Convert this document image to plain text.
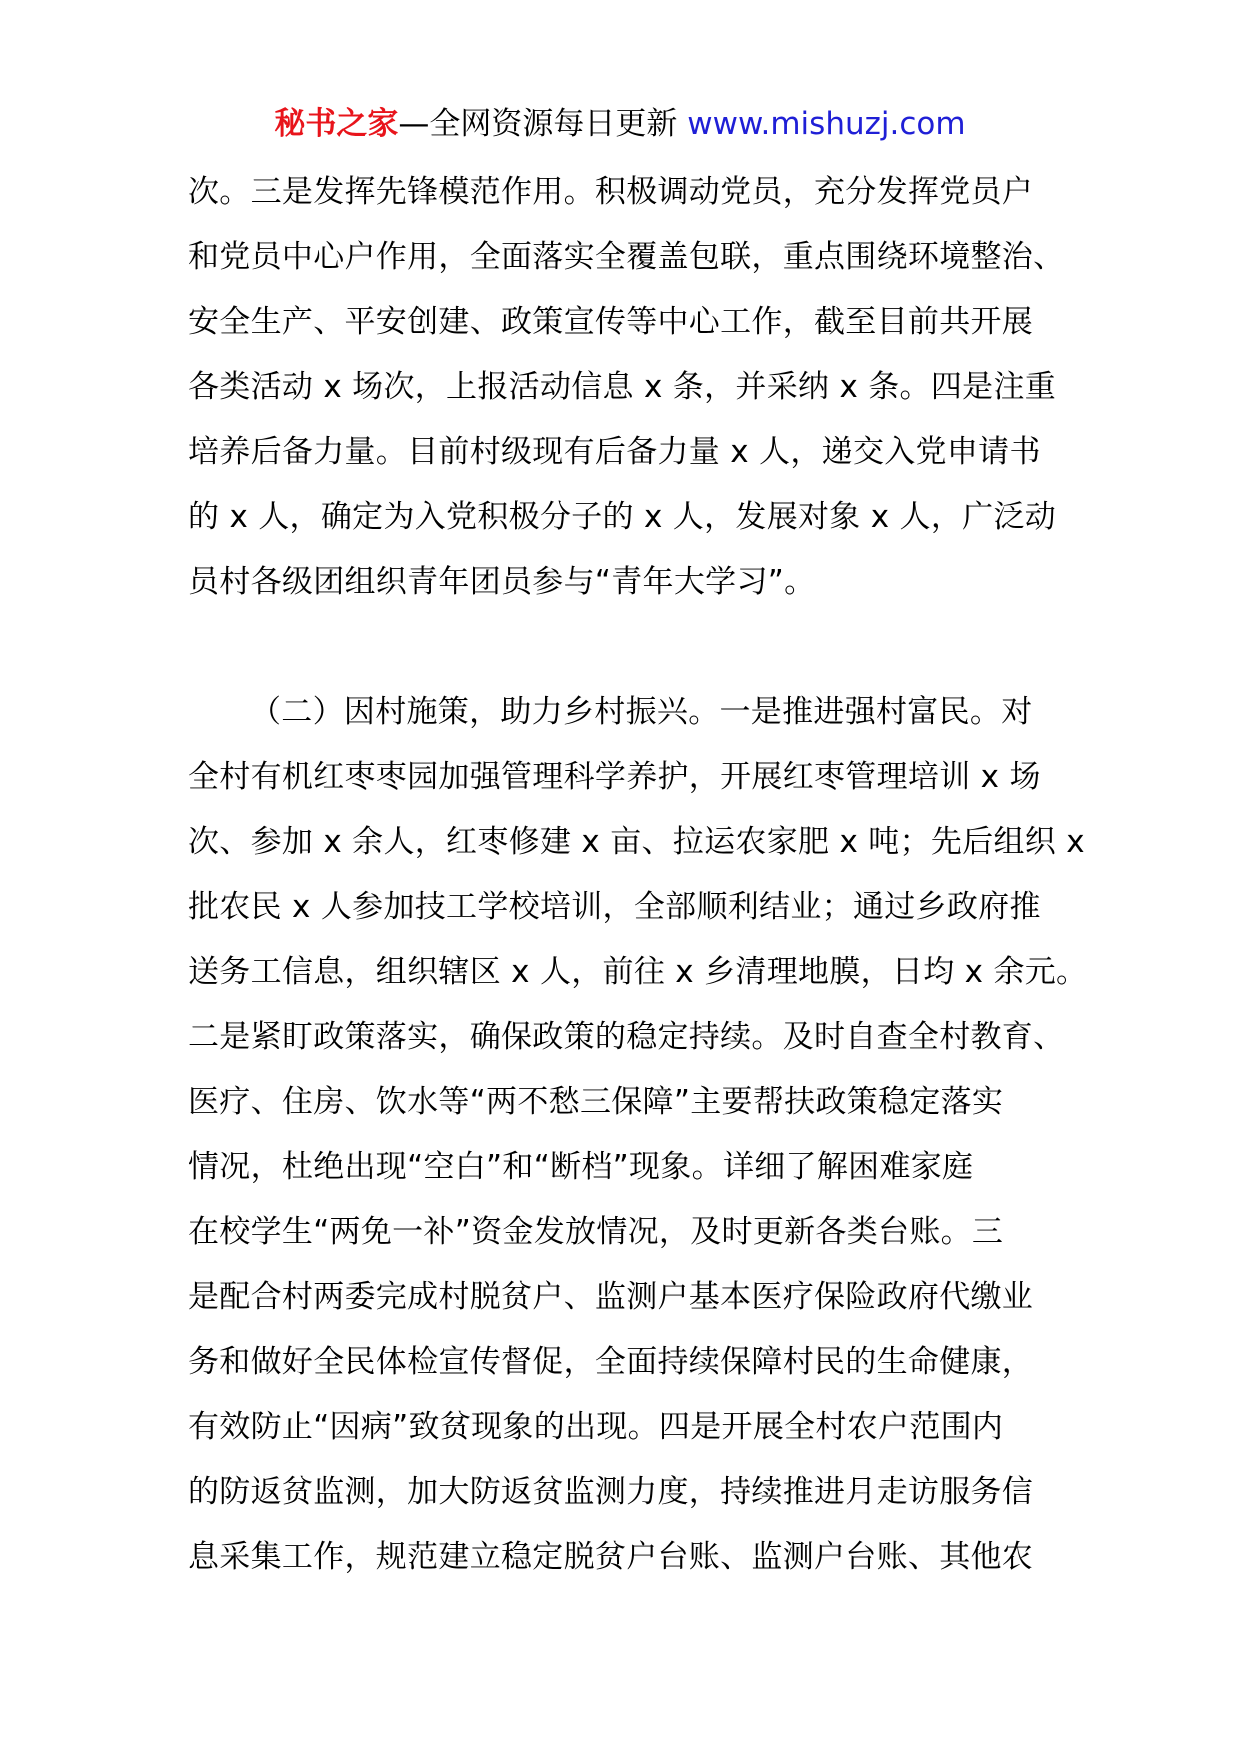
秘书之家—全网资源每日更新 www.mishuzj.com
次。三是发挥先锋模范作用。积极调动党员，充分发挥党员户
和党员中心户作用，全面落实全覆盖包联，重点围绕环境整治、
安全生产、平安创建、政策宣传等中心工作，截至目前共开展
各类活动 x 场次，上报活动信息 x 条，并采纳 x 条。四是注重
培养后备力量。目前村级现有后备力量 x 人，递交入党申请书
的 x 人，确定为入党积极分子的 x 人，发展对象 x 人，广泛动
员村各级团组织青年团员参与“青年大学习”。
（二）因村施策，助力乡村振兴。一是推进强村富民。对
全村有机红枣枣园加强管理科学养护，开展红枣管理培训 x 场
次、参加 x 余人，红枣修建 x 亩、拉运农家肥 x 吨；先后组织 x
批农民 x 人参加技工学校培训，全部顺利结业；通过乡政府推
送务工信息，组织辖区 x 人，前往 x 乡清理地膜，日均 x 余元。
二是紧盯政策落实，确保政策的稳定持续。及时自查全村教育、
医疗、住房、饮水等“两不愁三保障”主要帮扶政策稳定落实
情况，杜绝出现“空白”和“断档”现象。详细了解困难家庭
在校学生“两免一补”资金发放情况，及时更新各类台账。三
是配合村两委完成村脱贫户、监测户基本医疗保险政府代缴业
务和做好全民体检宣传督促，全面持续保障村民的生命健康，
有效防止“因病”致贫现象的出现。四是开展全村农户范围内
的防返贫监测，加大防返贫监测力度，持续推进月走访服务信
息采集工作，规范建立稳定脱贫户台账、监测户台账、其他农
